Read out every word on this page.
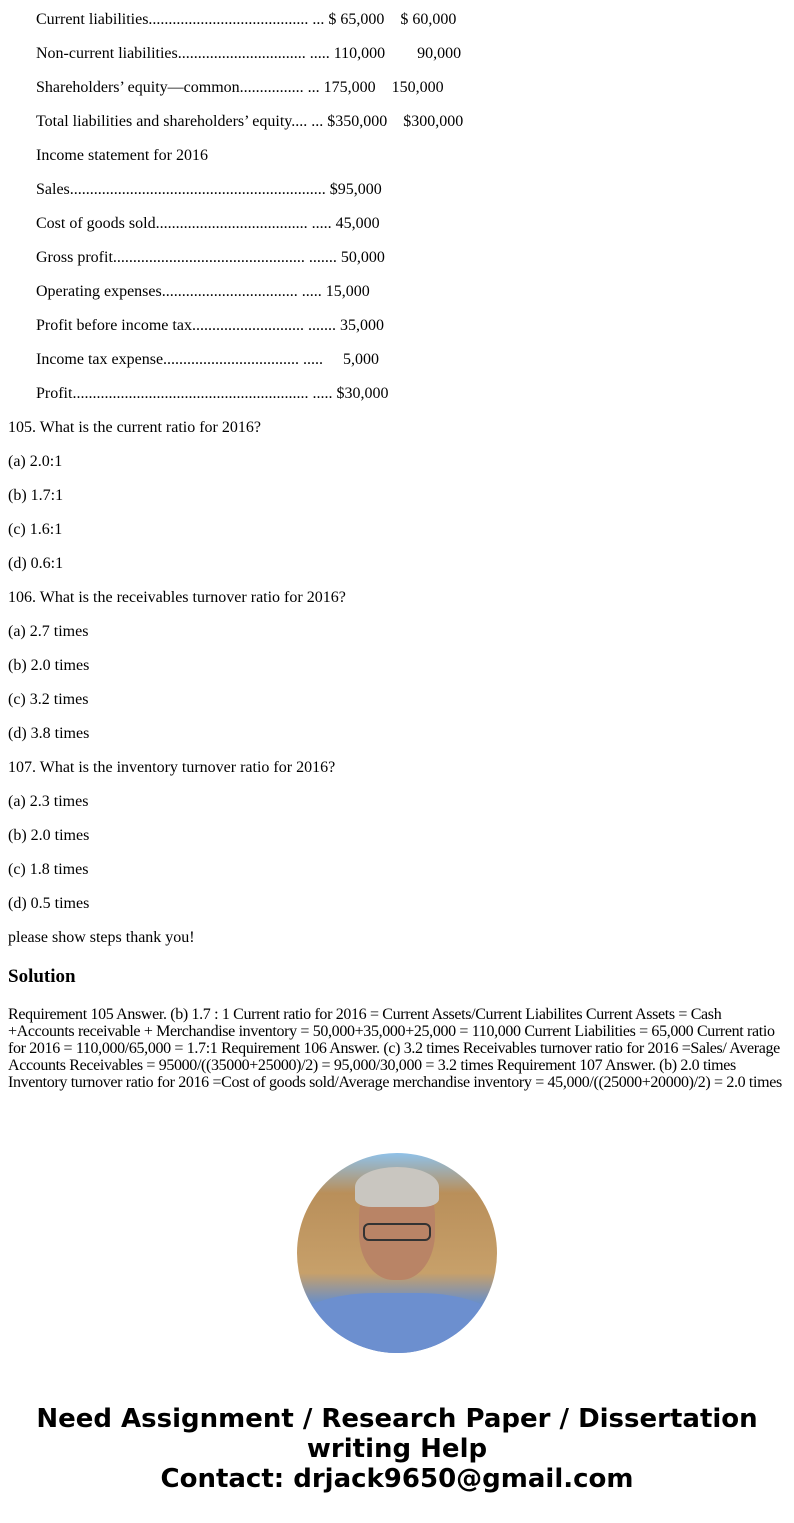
Current liabilities........................................ ... $ 65,000    $ 60,000
Non-current liabilities................................ ..... 110,000        90,000
Shareholders’ equity—common................ ... 175,000    150,000
Total liabilities and shareholders’ equity.... ... $350,000    $300,000
Income statement for 2016
Sales................................................................ $95,000
Cost of goods sold...................................... ..... 45,000
Gross profit................................................ ....... 50,000
Operating expenses.................................. ..... 15,000
Profit before income tax............................ ....... 35,000
Income tax expense.................................. .....     5,000
Profit........................................................... ..... $30,000
105. What is the current ratio for 2016?
(a) 2.0:1
(b) 1.7:1
(c) 1.6:1
(d) 0.6:1
106. What is the receivables turnover ratio for 2016?
(a) 2.7 times
(b) 2.0 times
(c) 3.2 times
(d) 3.8 times
107. What is the inventory turnover ratio for 2016?
(a) 2.3 times
(b) 2.0 times
(c) 1.8 times
(d) 0.5 times
please show steps thank you!
Solution
Requirement 105 Answer. (b) 1.7 : 1 Current ratio for 2016 = Current Assets/Current Liabilites Current Assets = Cash +Accounts receivable + Merchandise inventory = 50,000+35,000+25,000 = 110,000 Current Liabilities = 65,000 Current ratio for 2016 = 110,000/65,000 = 1.7:1 Requirement 106 Answer. (c) 3.2 times Receivables turnover ratio for 2016 =Sales/ Average Accounts Receivables = 95000/((35000+25000)/2) = 95,000/30,000 = 3.2 times Requirement 107 Answer. (b) 2.0 times Inventory turnover ratio for 2016 =Cost of goods sold/Average merchandise inventory = 45,000/((25000+20000)/2) = 2.0 times
Need Assignment / Research Paper / Dissertation writing Help
Contact: drjack9650@gmail.com
